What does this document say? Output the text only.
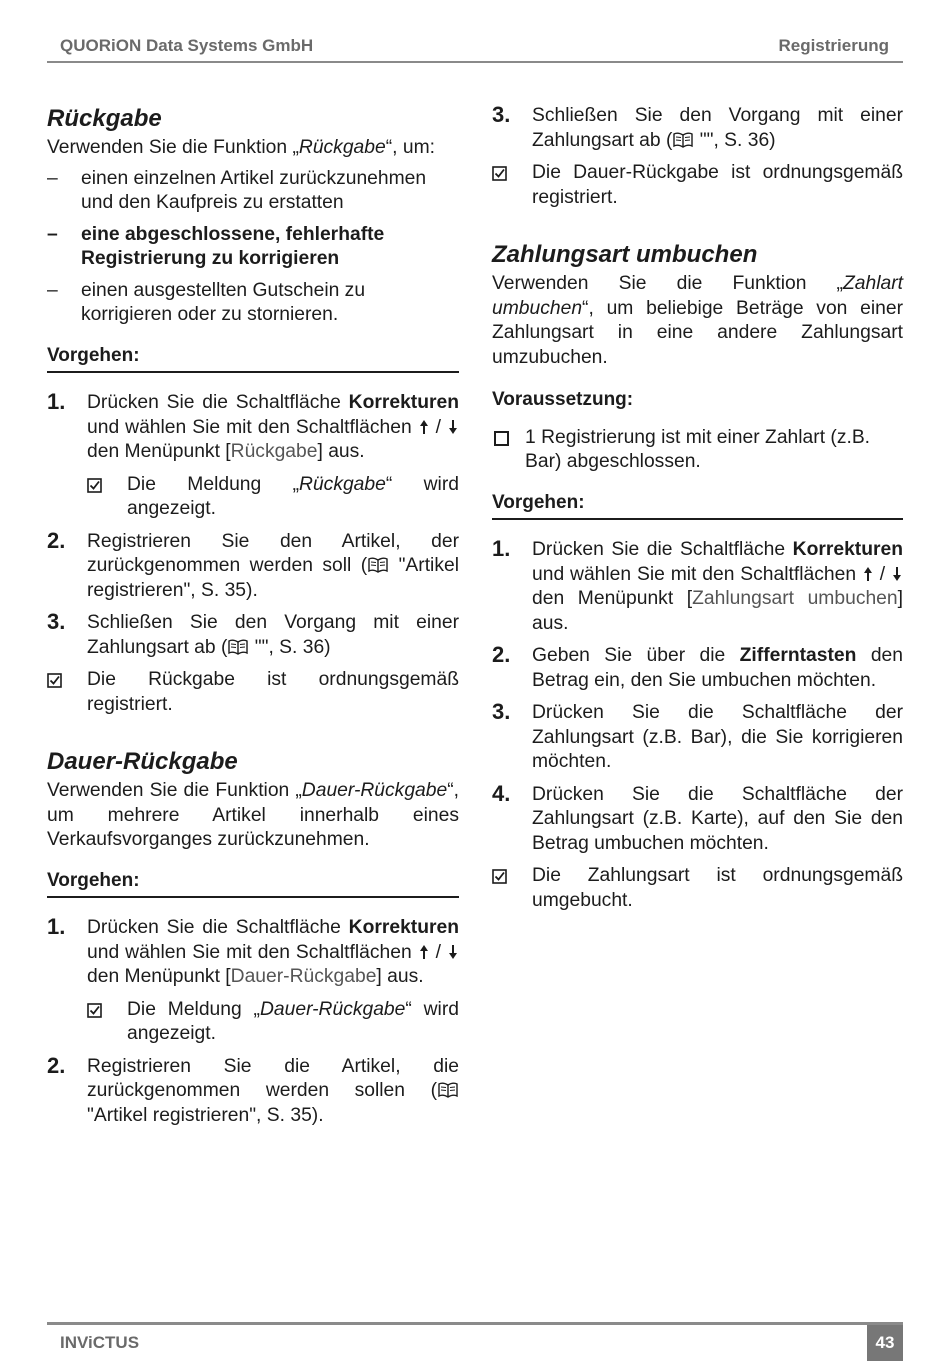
QUORiON Data Systems GmbH	Registrierung
Rückgabe

Verwenden Sie die Funktion „Rückgabe“, um:

– einen einzelnen Artikel zurückzunehmen und den Kaufpreis zu erstatten
– eine abgeschlossene, fehlerhafte Registrierung zu korrigieren
– einen ausgestellten Gutschein zu korrigieren oder zu stornieren.
Vorgehen:
1. Drücken Sie die Schaltfläche Korrekturen und wählen Sie mit den Schaltflächen  /  den Menüpunkt [Rückgabe] aus.
Die Meldung „Rückgabe“ wird angezeigt.
2. Registrieren Sie den Artikel, der zurückgenommen werden soll ( "Artikel registrieren", S. 35).
3. Schließen Sie den Vorgang mit einer Zahlungsart ab ( "", S. 36)
Die Rückgabe ist ordnungsgemäß registriert.
Dauer-Rückgabe

Verwenden Sie die Funktion „Dauer-Rückgabe“, um mehrere Artikel innerhalb eines Verkaufsvorganges zurückzunehmen.

Vorgehen:
1. Drücken Sie die Schaltfläche Korrekturen und wählen Sie mit den Schaltflächen  /  den Menüpunkt [Dauer-Rückgabe] aus.
Die Meldung „Dauer-Rückgabe“ wird angezeigt.
2. Registrieren Sie die Artikel, die zurückgenommen werden sollen ( "Artikel registrieren", S. 35).
3. Schließen Sie den Vorgang mit einer Zahlungsart ab ( "", S. 36)
Die Dauer-Rückgabe ist ordnungsgemäß registriert.
Zahlungsart umbuchen

Verwenden Sie die Funktion „Zahlart umbuchen“, um beliebige Beträge von einer Zahlungsart in eine andere Zahlungsart umzubuchen.

Voraussetzung:
1 Registrierung ist mit einer Zahlart (z.B. Bar) abgeschlossen.
Vorgehen:
1. Drücken Sie die Schaltfläche Korrekturen und wählen Sie mit den Schaltflächen  /  den Menüpunkt [Zahlungsart umbuchen] aus.
2. Geben Sie über die Zifferntasten den Betrag ein, den Sie umbuchen möchten.
3. Drücken Sie die Schaltfläche der Zahlungsart (z.B. Bar), die Sie korrigieren möchten.
4. Drücken Sie die Schaltfläche der Zahlungsart (z.B. Karte), auf den Sie den Betrag umbuchen möchten.
Die Zahlungsart ist ordnungsgemäß umgebucht.
INViCTUS	43
